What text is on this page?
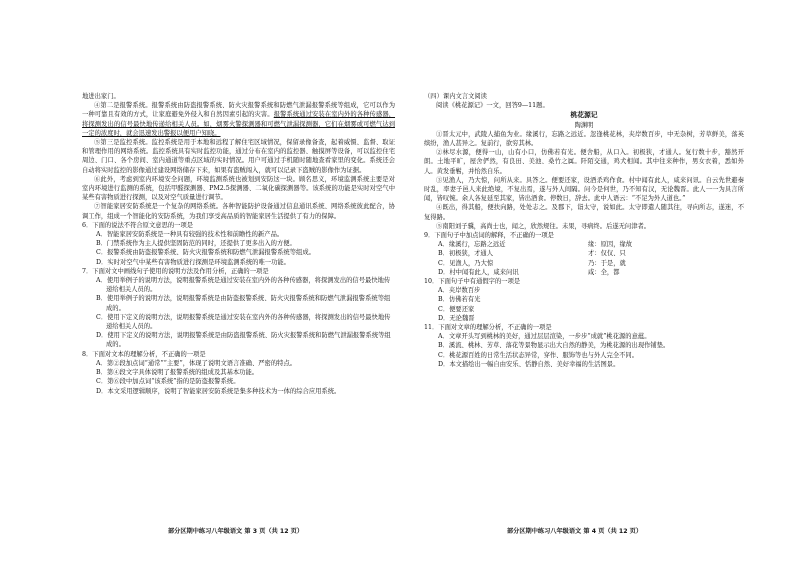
地进出家门。

④第二是报警系统。报警系统由防盗报警系统、防火灾报警系统和防燃气泄漏报警系统等组成，它可以作为一种可靠且有效的方式，让家庭避免外侵入和自然因素引起的灾害。报警系统通过安装在室内外的各种传感器，将探测发出的信号最快地传递给相关人员。如，烟雾火警探测器和可燃气泄漏探测器，它们在烟雾或可燃气达到一定的浓度时，就会迅速发出警报以便用户知晓。

⑤第三是监控系统。监控系统是用于本地和远程了解住宅区域情况，保留录像备查，起着威慑、监督、取证和管理作用的网络系统。监控系统具有实时监控功能，通过分布在室内的监控器、触摸屏等设备，可以监控住宅周边、门口、各个房间、室内通道等重点区域的实时情况。用户可通过手机随时随地查看家里的变化。系统还会自动将实时监控的影像通过建设网络储存下来，如果有盗贼闯入，就可以记录下盗贼的影像作为证据。

⑥此外，考虑到室内环境安全问题，环境监测系统也被划到安防这一块。顾名思义，环境监测系统主要是对室内环境进行监测的系统，包括甲醛探测器、PM2.5探测器、二氧化碳探测器等。该系统的功能是实时对空气中某些有害物质进行探测，以及对空气质量进行调节。

⑦智能家居安防系统是一个复杂的网络系统。各种智能防护设备通过信息通讯系统、网络系统彼此配合，协调工作，组成一个智能化的安防系统，为我们享受高品质的智能家居生活提供了有力的保障。

6．下面的说法不符合原文意思的一项是

A．智能家居安防系统是一种具有较强的技术性和前瞻性的新产品。

B．门禁系统作为主人提供坚固防范的同时，还提供了更多出入的方便。

C．报警系统由防盗报警系统、防火灾报警系统和防燃气泄漏报警系统等组成。

D．实时对空气中某些有害物质进行探测是环境监测系统的唯一功能。

7．下面对文中画线句子使用的说明方法及作用分析，正确的一项是

A．使用举例子的说明方法，说明报警系统是通过安装在室内外的各种传感器，将探测发出的信号最快地传递给相关人员的。

B．使用举例子的说明方法，说明报警系统是由防盗报警系统、防火灾报警系统和防燃气泄漏报警系统等组成的。

C．使用下定义的说明方法，说明报警系统是通过安装在室内外的各种传感器，将探测发出的信号最快地传递给相关人员的。

D．使用下定义的说明方法，说明报警系统是由防盗报警系统、防火灾报警系统和防燃气泄漏报警系统等组成的。

8．下面对文本的理解分析，不正确的一项是

A．第②段加点词“通常”“主要”，体现了说明文语言准确、严密的特点。

B．第④段文字具体说明了报警系统的组成及其基本功能。

C．第⑥段中加点词“该系统”指的是防盗报警系统。

D．本文采用逻辑顺序，说明了智能家居安防系统是集多种技术为一体的综合应用系统。

（四）课内文言文阅读

阅读《桃花源记》一文，回答9—11题。

桃花源记

陶渊明

①晋太元中，武陵人捕鱼为业。缘溪行，忘路之远近。忽逢桃花林，夹岸数百步，中无杂树，芳草鲜美，落英缤纷，渔人甚异之。复前行，欲穷其林。

②林尽水源，便得一山，山有小口，仿佛若有光。便舍船，从口入。初极狭，才通人。复行数十步，豁然开朗。土地平旷，屋舍俨然，有良田、美池、桑竹之属。阡陌交通，鸡犬相闻。其中往来种作，男女衣着，悉如外人。黄发垂髫，并怡然自乐。

③见渔人，乃大惊，问所从来。具答之。便要还家，设酒杀鸡作食。村中闻有此人，咸来问讯。自云先世避秦时乱，率妻子邑人来此绝境，不复出焉，遂与外人间隔。问今是何世，乃不知有汉，无论魏晋。此人一一为具言所闻，皆叹惋。余人各复延至其家，皆出酒食。停数日，辞去。此中人语云：“不足为外人道也。”

④既出，得其船，便扶向路，处处志之。及郡下，诣太守，说如此。太守即遣人随其往，寻向所志，遂迷，不复得路。

⑤南阳刘子骥，高尚士也，闻之，欣然规往。未果，寻病终。后遂无问津者。

9．下面句子中加点词的解释，不正确的一项是

A．缘溪行，忘路之远近	缘：原因，缘故
B．初极狭，才通人	才：仅仅、只
C．见渔人，乃大惊	乃：于是，就
D．村中闻有此人，咸来问讯	咸：全，都

10．下面句子中有通假字的一项是

A．夹岸数百步

B．仿佛若有光

C．便要还家

D．无论魏晋

11．下面对文章的理解分析，不正确的一项是

A．文章开头写到桃林的美好，通过层层渲染，一步步“成就”桃花源的意蕴。

B．溪流、桃林、芳草、落花等景物显示出大自然的静美，为桃花源的出现作铺垫。

C．桃花源百姓的日常生活状态异常，穿作、服饰等也与外人完全不同。

D．本文描绘出一幅自由安乐、恬静自然、美好幸福的生活图景。

部分区期中练习八年级语文 第 3 页（共 12 页）	部分区期中练习八年级语文 第 4 页（共 12 页）
